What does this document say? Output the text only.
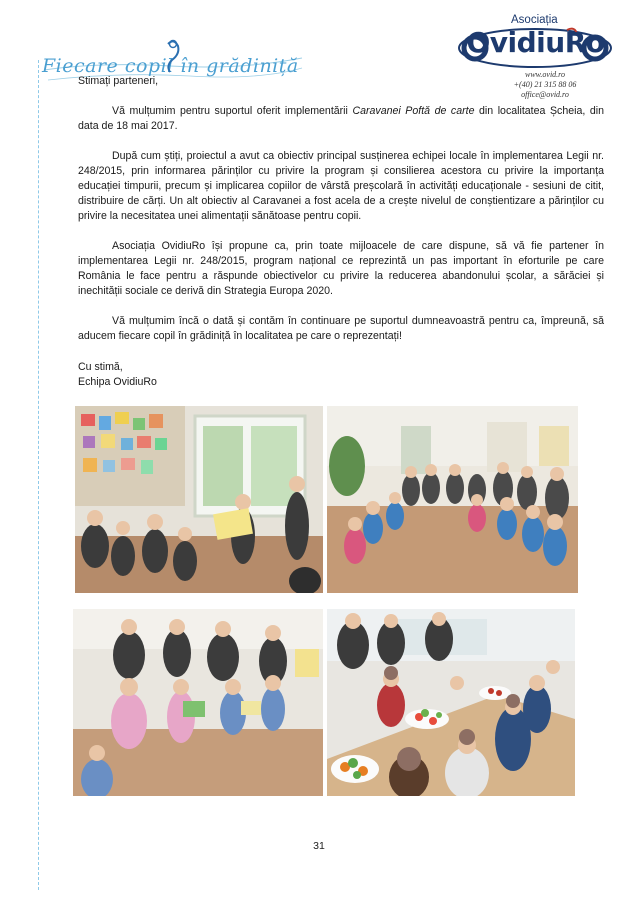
Fiecare copil în grădiniță
Asociația
OvidiuRo
www.ovid.ro
+(40) 21 315 88 06
office@ovid.ro

Stimați parteneri,

Vă mulțumim pentru suportul oferit implementării Caravanei Poftă de carte din localitatea Șcheia, din data de 18 mai 2017.

După cum știți, proiectul a avut ca obiectiv principal susținerea echipei locale în implementarea Legii nr. 248/2015, prin informarea părinților cu privire la program și consilierea acestora cu privire la importanța educației timpurii, precum și implicarea copiilor de vârstă preșcolară în activități educaționale - sesiuni de citit, distribuire de cărți. Un alt obiectiv al Caravanei a fost acela de a crește nivelul de conștientizare a părinților cu privire la necesitatea unei alimentații sănătoase pentru copii.

Asociația OvidiuRo își propune ca, prin toate mijloacele de care dispune, să vă fie partener în implementarea Legii nr. 248/2015, program național ce reprezintă un pas important în eforturile pe care România le face pentru a răspunde obiectivelor cu privire la reducerea abandonului școlar, a sărăciei și inechității sociale ce derivă din Strategia Europa 2020.

Vă mulțumim încă o dată și contăm în continuare pe suportul dumneavoastră pentru ca, împreună, să aducem fiecare copil în grădiniță în localitatea pe care o reprezentați!

Cu stimă,

Echipa OvidiuRo

31
